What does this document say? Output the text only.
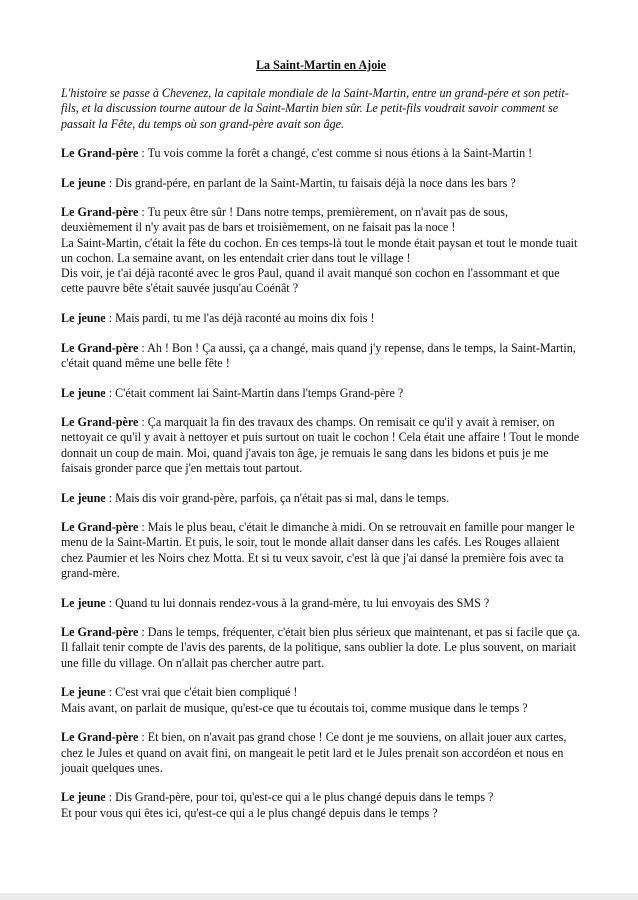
La Saint-Martin en Ajoie
L'histoire se passe à Chevenez, la capitale mondiale de la Saint-Martin, entre un grand-pére et son petit-fils, et la discussion tourne autour de la Saint-Martin bien sûr. Le petit-fils voudrait savoir comment se passait la Fête, du temps où son grand-père avait son âge.
Le Grand-père : Tu vois comme la forêt a changé, c'est comme si nous étions à la Saint-Martin !
Le jeune : Dis grand-pére, en parlant de la Saint-Martin, tu faisais déjà la noce dans les bars ?
Le Grand-père : Tu peux être sûr ! Dans notre temps, premièrement, on n'avait pas de sous, deuxièmement il n'y avait pas de bars et troisièmement, on ne faisait pas la noce !
La Saint-Martin, c'était la fête du cochon. En ces temps-là tout le monde était paysan et tout le monde tuait un cochon. La semaine avant, on les entendait crier dans tout le village !
Dis voir, je t'ai déjà raconté avec le gros Paul, quand il avait manqué son cochon en l'assommant et que cette pauvre bête s'était sauvée jusqu'au Coénât ?
Le jeune : Mais pardi, tu me l'as déjà raconté au moins dix fois !
Le Grand-père : Ah ! Bon ! Ça aussi, ça a changé, mais quand j'y repense, dans le temps, la Saint-Martin, c'était quand même une belle fête !
Le jeune : C'était comment lai Saint-Martin dans l'temps Grand-père ?
Le Grand-père : Ça marquait la fin des travaux des champs. On remisait ce qu'il y avait à remiser, on nettoyait ce qu'il y avait à nettoyer et puis surtout on tuait le cochon ! Cela était une affaire ! Tout le monde donnait un coup de main. Moi, quand j'avais ton âge, je remuais le sang dans les bidons et puis je me faisais gronder parce que j'en mettais tout partout.
Le jeune : Mais dis voir grand-père, parfois, ça n'était pas si mal, dans le temps.
Le Grand-père : Mais le plus beau, c'était le dimanche à midi. On se retrouvait en famille pour manger le menu de la Saint-Martin. Et puis, le soir, tout le monde allait danser dans les cafés. Les Rouges allaient chez Paumier et les Noirs chez Motta. Et si tu veux savoir, c'est là que j'ai dansé la première fois avec ta grand-mère.
Le jeune : Quand tu lui donnais rendez-vous à la grand-mère, tu lui envoyais des SMS ?
Le Grand-père : Dans le temps, fréquenter, c'était bien plus sérieux que maintenant, et pas si facile que ça. Il fallait tenir compte de l'avis des parents, de la politique, sans oublier la dote. Le plus souvent, on mariait une fille du village. On n'allait pas chercher autre part.
Le jeune : C'est vrai que c'était bien compliqué !
Mais avant, on parlait de musique, qu'est-ce que tu écoutais toi, comme musique dans le temps ?
Le Grand-père : Et bien, on n'avait pas grand chose ! Ce dont je me souviens, on allait jouer aux cartes, chez le Jules et quand on avait fini, on mangeait le petit lard et le Jules prenait son accordéon et nous en jouait quelques unes.
Le jeune : Dis Grand-père, pour toi, qu'est-ce qui a le plus changé depuis dans le temps ?
Et pour vous qui êtes ici, qu'est-ce qui a le plus changé depuis dans le temps ?
